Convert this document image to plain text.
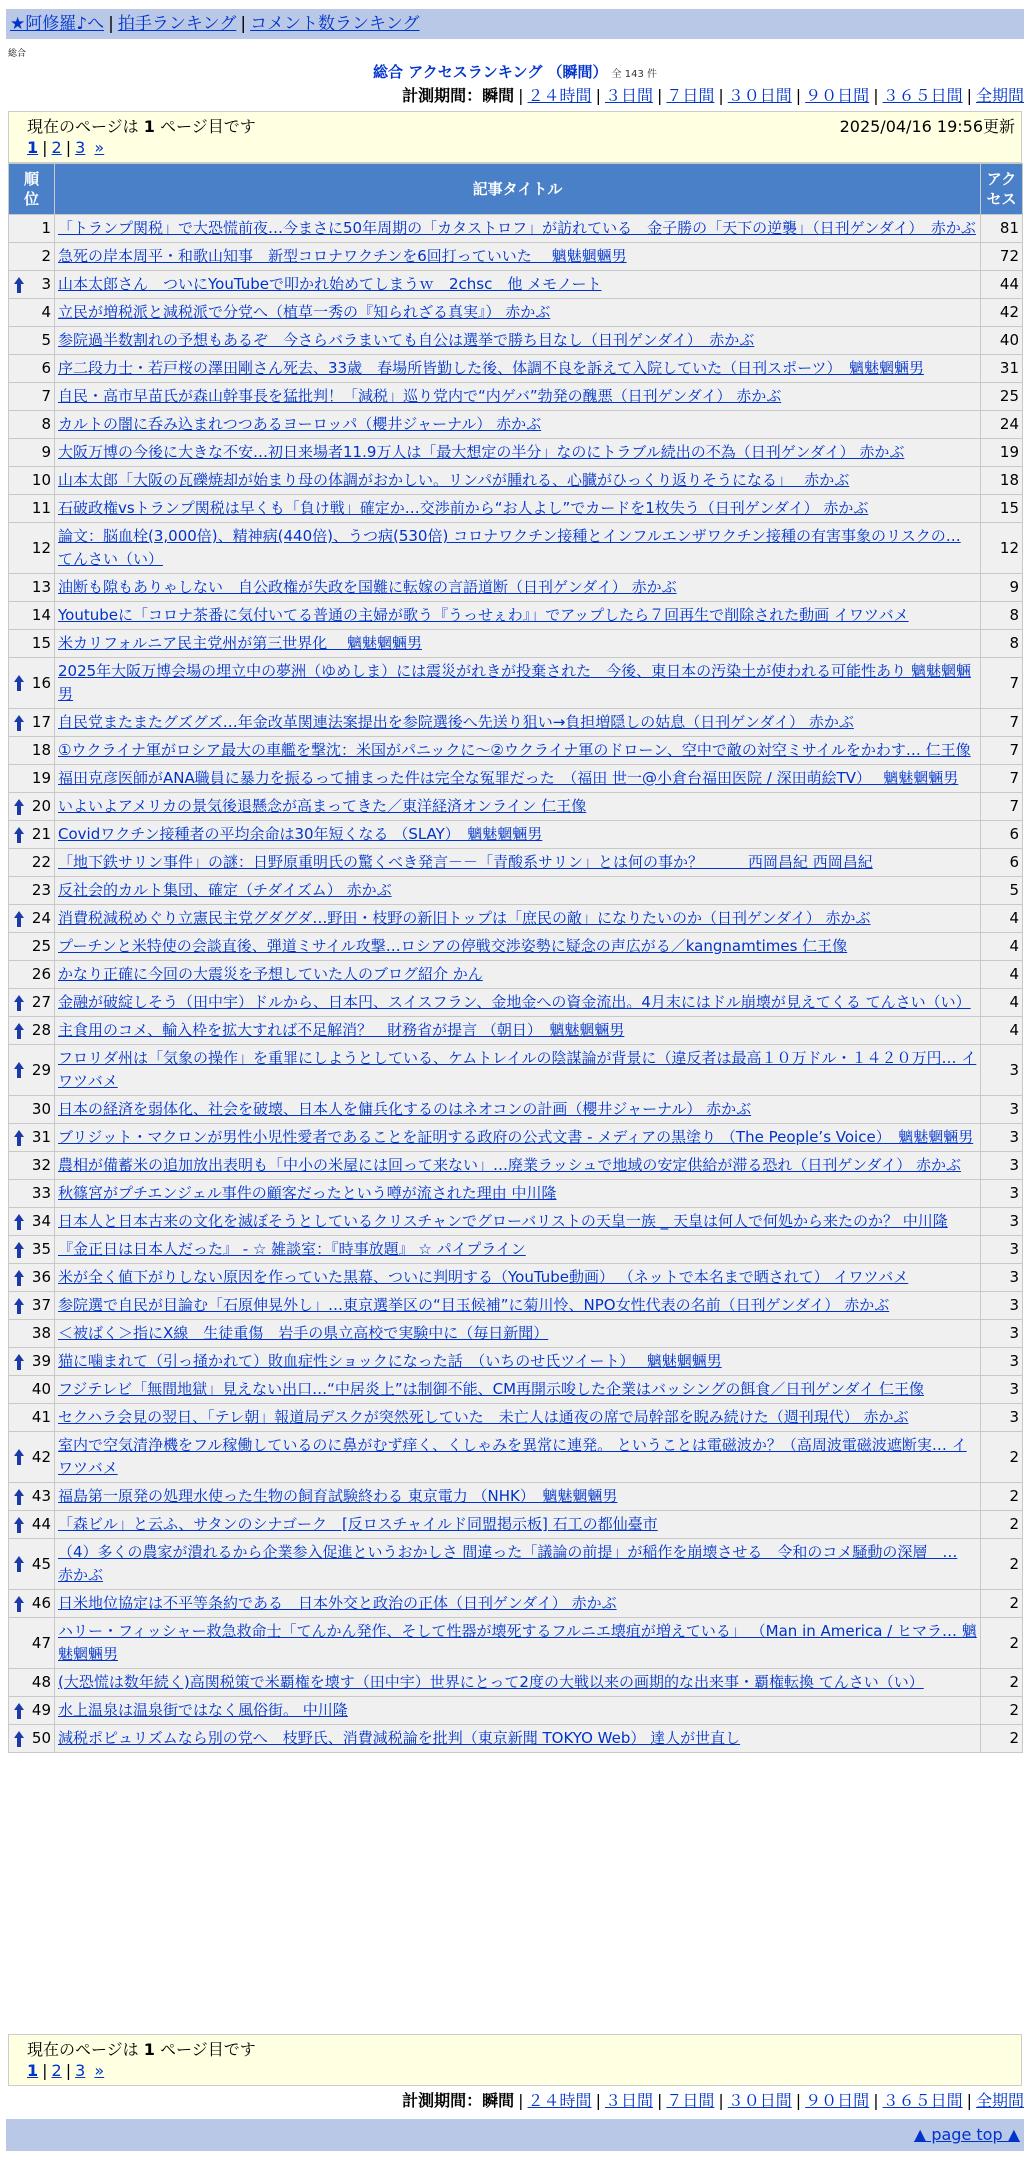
★阿修羅♪へ | 拍手ランキング | コメント数ランキング
総合
総合 アクセスランキング （瞬間） 全 143 件
計測期間：瞬間 | ２４時間 | ３日間 | ７日間 | ３０日間 | ９０日間 | ３６５日間 | 全期間
現在のページは 1 ページ目です	2025/04/16 19:56更新
1 | 2 | 3 »
順位	記事タイトル	アクセス
1	「トランプ関税」で大恐慌前夜…今まさに50年周期の「カタストロフ」が訪れている　金子勝の「天下の逆襲」（日刊ゲンダイ）　赤かぶ	81
2	急死の岸本周平・和歌山知事　新型コロナワクチンを6回打っていいた　 魑魅魍魎男	72

3	山本太郎さん　ついにYouTubeで叩かれ始めてしまうｗ　2chsc　他 メモノート	44
4	立民が増税派と減税派で分党へ（植草一秀の『知られざる真実』） 赤かぶ	42
5	参院過半数割れの予想もあるぞ　今さらバラまいても自公は選挙で勝ち目なし（日刊ゲンダイ）　赤かぶ	40
6	序二段力士・若戸桜の澤田剛さん死去、33歳　春場所皆勤した後、体調不良を訴えて入院していた（日刊スポーツ）　魑魅魍魎男	31
7	自民・高市早苗氏が森山幹事長を猛批判！「減税」巡り党内で“内ゲバ”勃発の醜悪（日刊ゲンダイ） 赤かぶ	25
8	カルトの闇に呑み込まれつつあるヨーロッパ（櫻井ジャーナル） 赤かぶ	24
9	大阪万博の今後に大きな不安…初日来場者11.9万人は「最大想定の半分」なのにトラブル続出の不為（日刊ゲンダイ） 赤かぶ	19
10	山本太郎「大阪の瓦礫焼却が始まり母の体調がおかしい。リンパが腫れる、心臓がひっくり返りそうになる」　 赤かぶ	18
11	石破政権vsトランプ関税は早くも「負け戦」確定か…交渉前から“お人よし”でカードを1枚失う（日刊ゲンダイ） 赤かぶ	15
12	論文：脳血栓(3,000倍)、精神病(440倍)、うつ病(530倍) コロナワクチン接種とインフルエンザワクチン接種の有害事象のリスクの… てんさい（い）	12
13	油断も隙もありゃしない　自公政権が失政を国難に転嫁の言語道断（日刊ゲンダイ） 赤かぶ	9
14	Youtubeに「コロナ茶番に気付いてる普通の主婦が歌う『うっせぇわ』」でアップしたら７回再生で削除された動画 イワツバメ	8
15	米カリフォルニア民主党州が第三世界化　 魑魅魍魎男	8

16	2025年大阪万博会場の埋立中の夢洲（ゆめしま）には震災がれきが投棄された　今後、東日本の汚染土が使われる可能性あり 魑魅魍魎男	7

17	自民党またまたグズグズ…年金改革関連法案提出を参院選後へ先送り狙い→負担増隠しの姑息（日刊ゲンダイ） 赤かぶ	7
18	①ウクライナ軍がロシア最大の車艦を撃沈：米国がパニックに〜②ウクライナ軍のドローン、空中で敵の対空ミサイルをかわす… 仁王像	7
19	福田克彦医師がANA職員に暴力を振るって捕まった件は完全な冤罪だった　（福田 世一@小倉台福田医院 / 深田萌絵TV）　 魑魅魍魎男	7

20	いよいよアメリカの景気後退懸念が高まってきた／東洋経済オンライン 仁王像	7

21	Covidワクチン接種者の平均余命は30年短くなる （SLAY）　魑魅魍魎男	6
22	「地下鉄サリン事件」の謎：日野原重明氏の驚くべき発言－－「青酸系サリン」とは何の事か？　　　西岡昌紀 西岡昌紀	6
23	反社会的カルト集団、確定（チダイズム） 赤かぶ	5

24	消費税減税めぐり立憲民主党グダグダ…野田・枝野の新旧トップは「庶民の敵」になりたいのか（日刊ゲンダイ） 赤かぶ	4
25	プーチンと米特使の会談直後、弾道ミサイル攻撃…ロシアの停戦交渉姿勢に疑念の声広がる／kangnamtimes 仁王像	4
26	かなり正確に今回の大震災を予想していた人のブログ紹介 かん	4

27	金融が破綻しそう（田中宇）ドルから、日本円、スイスフラン、金地金への資金流出。4月末にはドル崩壊が見えてくる てんさい（い）	4

28	主食用のコメ、輸入枠を拡大すれば不足解消？　財務省が提言 （朝日）　魑魅魍魎男	4

29	フロリダ州は「気象の操作」を重罪にしようとしている、ケムトレイルの陰謀論が背景に（違反者は最高１０万ドル・１４２０万円… イワツバメ	3
30	日本の経済を弱体化、社会を破壊、日本人を傭兵化するのはネオコンの計画（櫻井ジャーナル） 赤かぶ	3

31	ブリジット・マクロンが男性小児性愛者であることを証明する政府の公式文書 - メディアの黒塗り （The People’s Voice）　魑魅魍魎男	3
32	農相が備蓄米の追加放出表明も「中小の米屋には回って来ない」…廃業ラッシュで地域の安定供給が滞る恐れ（日刊ゲンダイ） 赤かぶ	3
33	秋篠宮がプチエンジェル事件の顧客だったという噂が流された理由 中川隆	3

34	日本人と日本古来の文化を滅ぼそうとしているクリスチャンでグローバリストの天皇一族 _ 天皇は何人で何処から来たのか？ 中川隆	3

35	『金正日は日本人だった』 - ☆ 雑談室：『時事放題』 ☆ パイプライン	3

36	米が全く値下がりしない原因を作っていた黒幕、ついに判明する（YouTube動画） （ネットで本名まで晒されて） イワツバメ	3

37	参院選で自民が目論む「石原伸晃外し」…東京選挙区の“目玉候補”に菊川怜、NPO女性代表の名前（日刊ゲンダイ） 赤かぶ	3
38	＜被ばく＞指にX線　生徒重傷　岩手の県立高校で実験中に（毎日新聞）	3

39	猫に噛まれて（引っ掻かれて）敗血症性ショックになった話　（いちのせ氏ツイート）　 魑魅魍魎男	3
40	フジテレビ「無間地獄」見えない出口…“中居炎上”は制御不能、CM再開示唆した企業はバッシングの餌食／日刊ゲンダイ 仁王像	3
41	セクハラ会見の翌日、「テレ朝」報道局デスクが突然死していた　未亡人は通夜の席で局幹部を睨み続けた（週刊現代） 赤かぶ	3

42	室内で空気清浄機をフル稼働しているのに鼻がむず痒く、くしゃみを異常に連発。 ということは電磁波か？（高周波電磁波遮断実… イワツバメ	2

43	福島第一原発の処理水使った生物の飼育試験終わる 東京電力 （NHK）　魑魅魍魎男	2

44	「森ビル」と云ふ、サタンのシナゴーク　[反ロスチャイルド同盟掲示板] 石工の都仙臺市	2

45	（4）多くの農家が潰れるから企業参入促進というおかしさ 間違った「議論の前提」が稲作を崩壊させる　令和のコメ騒動の深層　… 赤かぶ	2

46	日米地位協定は不平等条約である　日本外交と政治の正体（日刊ゲンダイ） 赤かぶ	2
47	ハリー・フィッシャー救急救命士「てんかん発作、そして性器が壊死するフルニエ壊疽が増えている」 （Man in America / ヒマラ… 魑魅魍魎男	2
48	(大恐慌は数年続く)高関税策で米覇権を壊す（田中宇）世界にとって2度の大戦以来の画期的な出来事・覇権転換 てんさい（い）	2

49	水上温泉は温泉街ではなく風俗街。 中川隆	2

50	減税ポピュリズムなら別の党へ　枝野氏、消費減税論を批判（東京新聞 TOKYO Web） 達人が世直し	2
現在のページは 1 ページ目です
1 | 2 | 3 »
計測期間：瞬間 | ２４時間 | ３日間 | ７日間 | ３０日間 | ９０日間 | ３６５日間 | 全期間
▲ page top ▲
